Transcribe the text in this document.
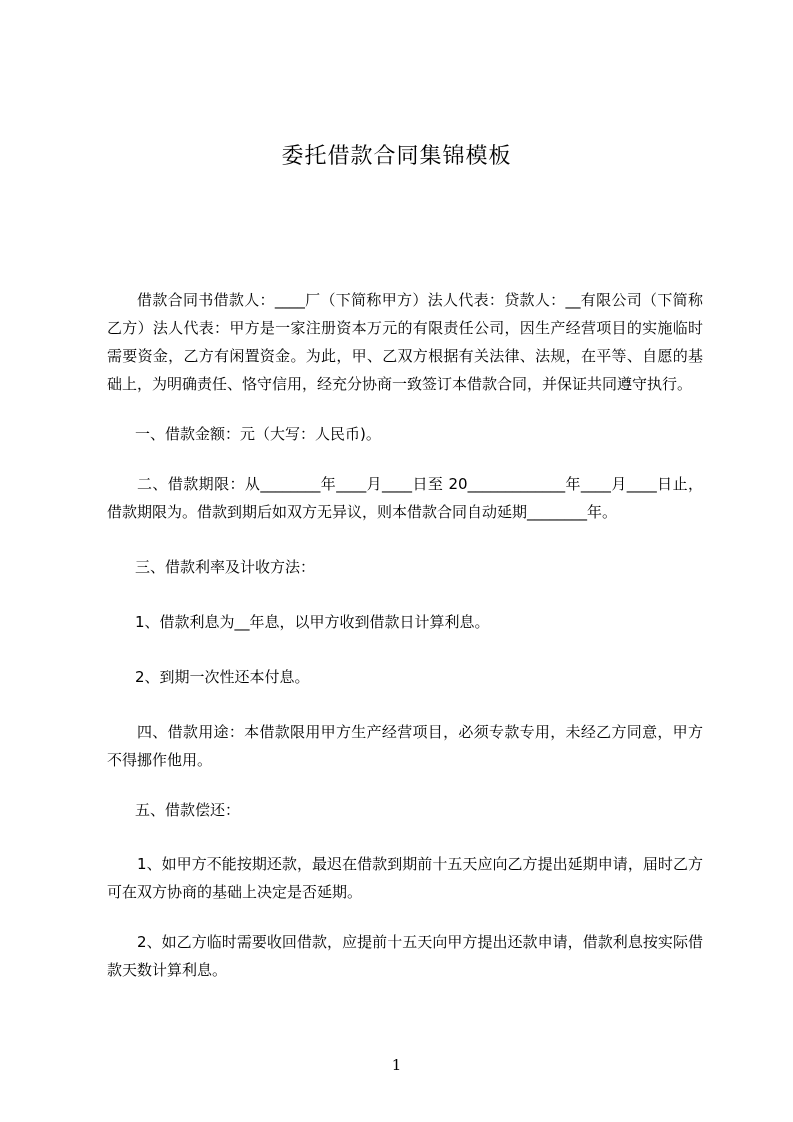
委托借款合同集锦模板

借款合同书借款人：____厂（下简称甲方）法人代表：贷款人：__有限公司（下简称乙方）法人代表：甲方是一家注册资本万元的有限责任公司，因生产经营项目的实施临时需要资金，乙方有闲置资金。为此，甲、乙双方根据有关法律、法规，在平等、自愿的基础上，为明确责任、恪守信用，经充分协商一致签订本借款合同，并保证共同遵守执行。

一、借款金额：元（大写：人民币)。

二、借款期限：从________年____月____日至 20_____________年____月____日止，借款期限为。借款到期后如双方无异议，则本借款合同自动延期________年。

三、借款利率及计收方法：

1、借款利息为__年息，以甲方收到借款日计算利息。

2、到期一次性还本付息。

四、借款用途：本借款限用甲方生产经营项目，必须专款专用，未经乙方同意，甲方不得挪作他用。

五、借款偿还：

1、如甲方不能按期还款，最迟在借款到期前十五天应向乙方提出延期申请，届时乙方可在双方协商的基础上决定是否延期。

2、如乙方临时需要收回借款，应提前十五天向甲方提出还款申请，借款利息按实际借款天数计算利息。

1
